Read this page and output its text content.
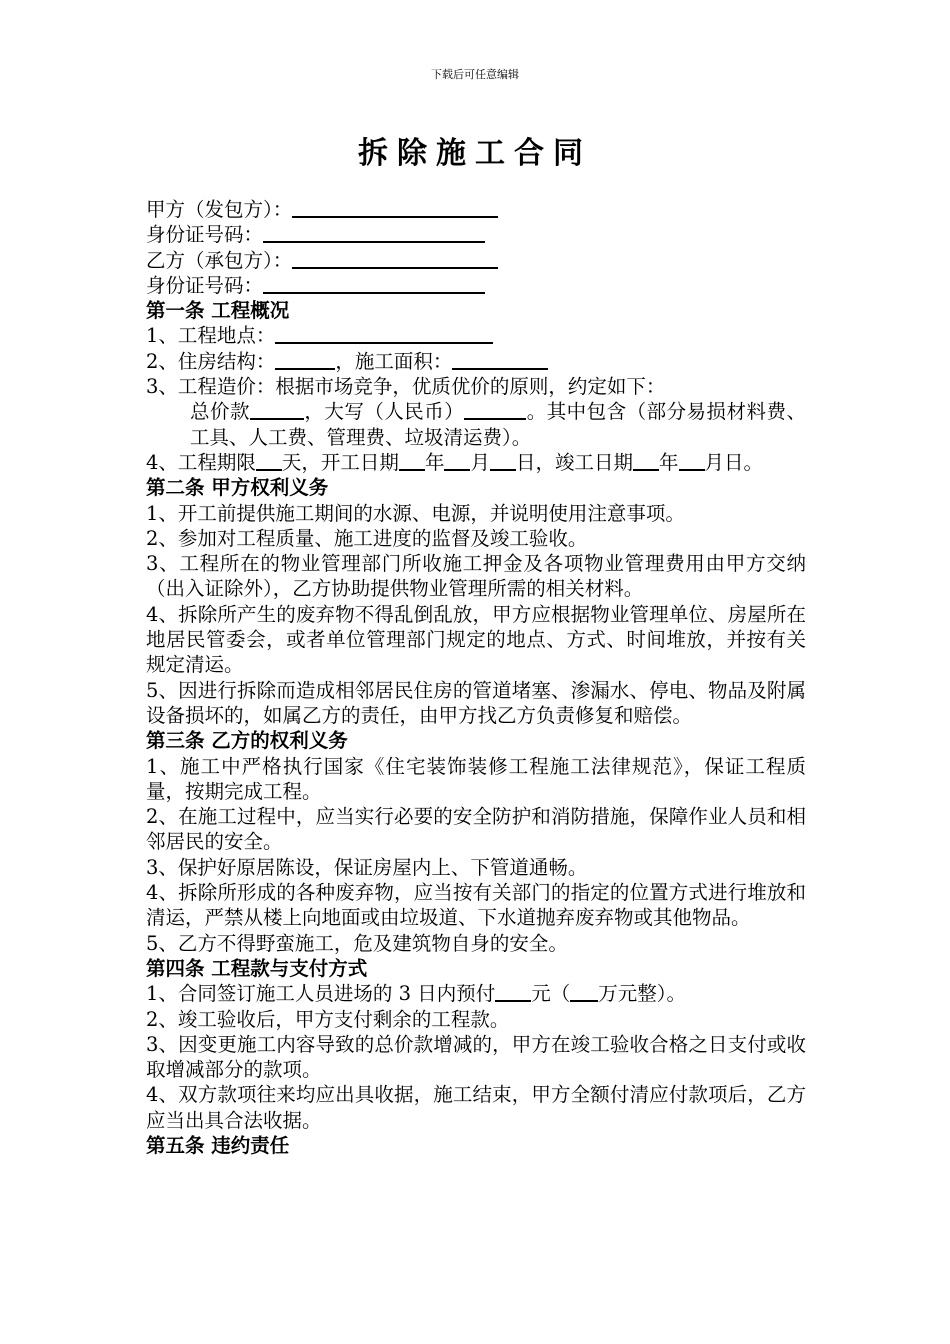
下载后可任意编辑
拆除施工合同
甲方（发包方）：
身份证号码：
乙方（承包方）：
身份证号码：
第一条 工程概况
1、工程地点：
2、住房结构：	，施工面积：
3、工程造价：根据市场竞争，优质优价的原则，约定如下：
总价款	，大写（人民币）	。其中包含（部分易损材料费、工具、人工费、管理费、垃圾清运费）。
4、工程期限 天，开工日期 年 月 日，竣工日期 年 月日。
第二条 甲方权利义务
1、开工前提供施工期间的水源、电源，并说明使用注意事项。
2、参加对工程质量、施工进度的监督及竣工验收。
3、工程所在的物业管理部门所收施工押金及各项物业管理费用由甲方交纳（出入证除外），乙方协助提供物业管理所需的相关材料。
4、拆除所产生的废弃物不得乱倒乱放，甲方应根据物业管理单位、房屋所在地居民管委会，或者单位管理部门规定的地点、方式、时间堆放，并按有关规定清运。
5、因进行拆除而造成相邻居民住房的管道堵塞、渗漏水、停电、物品及附属设备损坏的，如属乙方的责任，由甲方找乙方负责修复和赔偿。
第三条 乙方的权利义务
1、施工中严格执行国家《住宅装饰装修工程施工法律规范》，保证工程质量，按期完成工程。
2、在施工过程中，应当实行必要的安全防护和消防措施，保障作业人员和相邻居民的安全。
3、保护好原居陈设，保证房屋内上、下管道通畅。
4、拆除所形成的各种废弃物，应当按有关部门的指定的位置方式进行堆放和清运，严禁从楼上向地面或由垃圾道、下水道抛弃废弃物或其他物品。
5、乙方不得野蛮施工，危及建筑物自身的安全。
第四条 工程款与支付方式
1、合同签订施工人员进场的 3 日内预付 元（ 万元整）。
2、竣工验收后，甲方支付剩余的工程款。
3、因变更施工内容导致的总价款增减的，甲方在竣工验收合格之日支付或收取增减部分的款项。
4、双方款项往来均应出具收据，施工结束，甲方全额付清应付款项后，乙方应当出具合法收据。
第五条 违约责任
